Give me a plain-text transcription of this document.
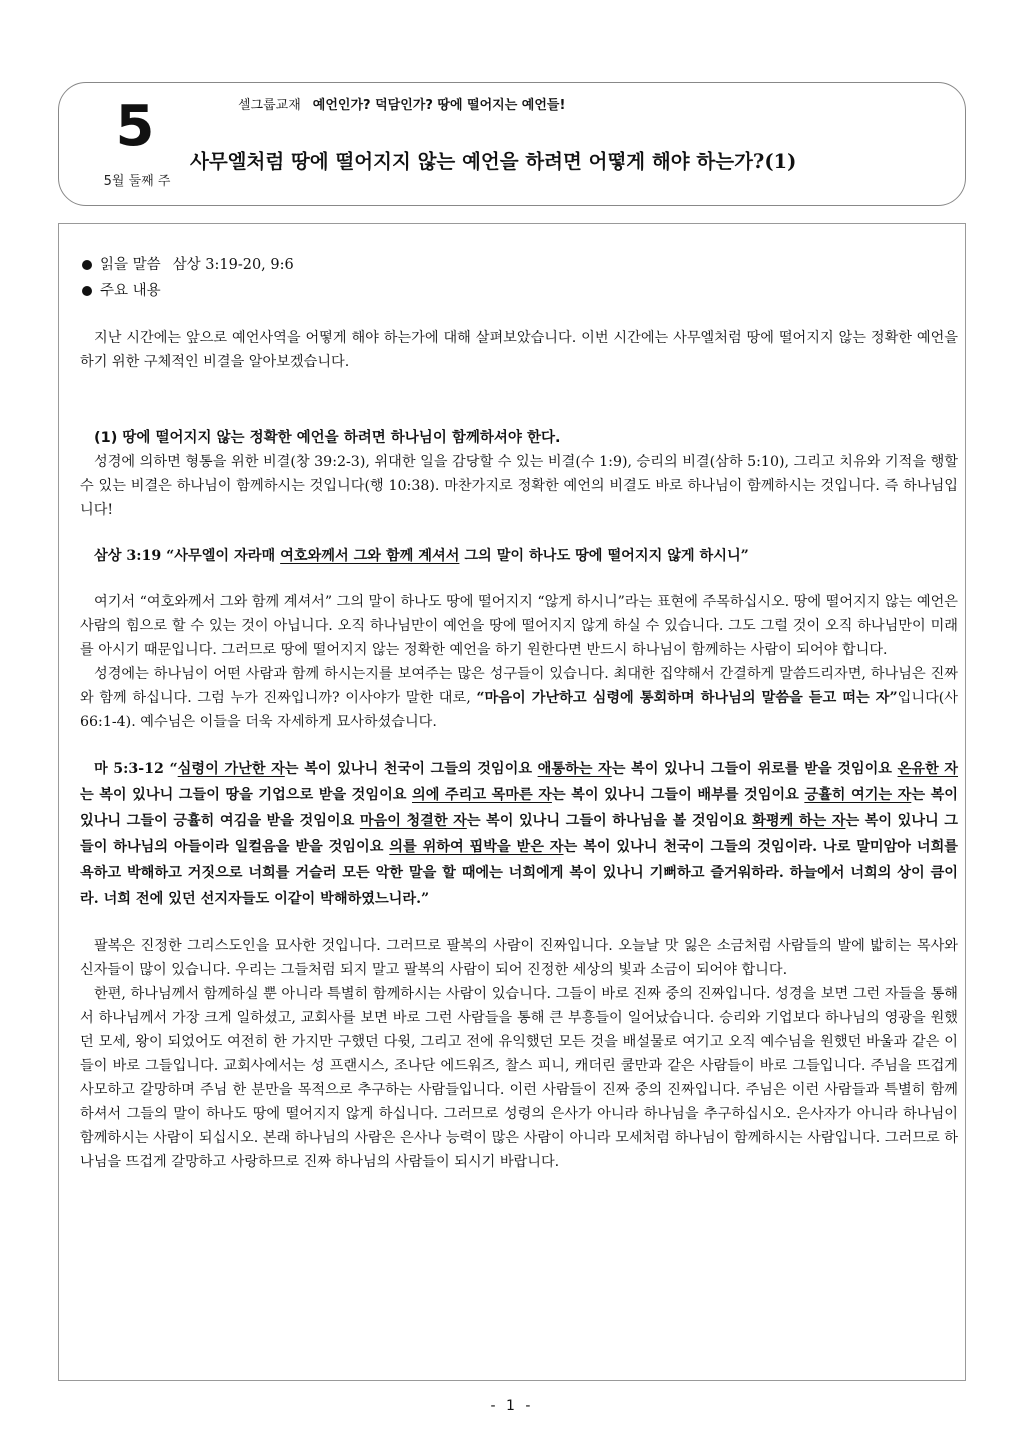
5
5월 둘째 주
셀그룹교재 예언인가? 덕담인가? 땅에 떨어지는 예언들!
사무엘처럼 땅에 떨어지지 않는 예언을 하려면 어떻게 해야 하는가?(1)
읽을 말씀 삼상 3:19-20, 9:6
주요 내용

지난 시간에는 앞으로 예언사역을 어떻게 해야 하는가에 대해 살펴보았습니다. 이번 시간에는 사무엘처럼 땅에 떨어지지 않는 정확한 예언을 하기 위한 구체적인 비결을 알아보겠습니다.

(1) 땅에 떨어지지 않는 정확한 예언을 하려면 하나님이 함께하셔야 한다.

성경에 의하면 형통을 위한 비결(창 39:2-3), 위대한 일을 감당할 수 있는 비결(수 1:9), 승리의 비결(삼하 5:10), 그리고 치유와 기적을 행할 수 있는 비결은 하나님이 함께하시는 것입니다(행 10:38). 마찬가지로 정확한 예언의 비결도 바로 하나님이 함께하시는 것입니다. 즉 하나님입니다!

삼상 3:19 “사무엘이 자라매 여호와께서 그와 함께 계셔서 그의 말이 하나도 땅에 떨어지지 않게 하시니”

여기서 “여호와께서 그와 함께 계셔서” 그의 말이 하나도 땅에 떨어지지 “않게 하시니”라는 표현에 주목하십시오. 땅에 떨어지지 않는 예언은 사람의 힘으로 할 수 있는 것이 아닙니다. 오직 하나님만이 예언을 땅에 떨어지지 않게 하실 수 있습니다. 그도 그럴 것이 오직 하나님만이 미래를 아시기 때문입니다. 그러므로 땅에 떨어지지 않는 정확한 예언을 하기 원한다면 반드시 하나님이 함께하는 사람이 되어야 합니다.

성경에는 하나님이 어떤 사람과 함께 하시는지를 보여주는 많은 성구들이 있습니다. 최대한 집약해서 간결하게 말씀드리자면, 하나님은 진짜와 함께 하십니다. 그럼 누가 진짜입니까? 이사야가 말한 대로, “마음이 가난하고 심령에 통회하며 하나님의 말씀을 듣고 떠는 자”입니다(사 66:1-4). 예수님은 이들을 더욱 자세하게 묘사하셨습니다.

마 5:3-12 “심령이 가난한 자는 복이 있나니 천국이 그들의 것임이요 애통하는 자는 복이 있나니 그들이 위로를 받을 것임이요 온유한 자는 복이 있나니 그들이 땅을 기업으로 받을 것임이요 의에 주리고 목마른 자는 복이 있나니 그들이 배부를 것임이요 긍휼히 여기는 자는 복이 있나니 그들이 긍휼히 여김을 받을 것임이요 마음이 청결한 자는 복이 있나니 그들이 하나님을 볼 것임이요 화평케 하는 자는 복이 있나니 그들이 하나님의 아들이라 일컬음을 받을 것임이요 의를 위하여 핍박을 받은 자는 복이 있나니 천국이 그들의 것임이라. 나로 말미암아 너희를 욕하고 박해하고 거짓으로 너희를 거슬러 모든 악한 말을 할 때에는 너희에게 복이 있나니 기뻐하고 즐거워하라. 하늘에서 너희의 상이 큼이라. 너희 전에 있던 선지자들도 이같이 박해하였느니라.”

팔복은 진정한 그리스도인을 묘사한 것입니다. 그러므로 팔복의 사람이 진짜입니다. 오늘날 맛 잃은 소금처럼 사람들의 발에 밟히는 목사와 신자들이 많이 있습니다. 우리는 그들처럼 되지 말고 팔복의 사람이 되어 진정한 세상의 빛과 소금이 되어야 합니다.

한편, 하나님께서 함께하실 뿐 아니라 특별히 함께하시는 사람이 있습니다. 그들이 바로 진짜 중의 진짜입니다. 성경을 보면 그런 자들을 통해서 하나님께서 가장 크게 일하셨고, 교회사를 보면 바로 그런 사람들을 통해 큰 부흥들이 일어났습니다. 승리와 기업보다 하나님의 영광을 원했던 모세, 왕이 되었어도 여전히 한 가지만 구했던 다윗, 그리고 전에 유익했던 모든 것을 배설물로 여기고 오직 예수님을 원했던 바울과 같은 이들이 바로 그들입니다. 교회사에서는 성 프랜시스, 조나단 에드워즈, 찰스 피니, 캐더린 쿨만과 같은 사람들이 바로 그들입니다. 주님을 뜨겁게 사모하고 갈망하며 주님 한 분만을 목적으로 추구하는 사람들입니다. 이런 사람들이 진짜 중의 진짜입니다. 주님은 이런 사람들과 특별히 함께하셔서 그들의 말이 하나도 땅에 떨어지지 않게 하십니다. 그러므로 성령의 은사가 아니라 하나님을 추구하십시오. 은사자가 아니라 하나님이 함께하시는 사람이 되십시오. 본래 하나님의 사람은 은사나 능력이 많은 사람이 아니라 모세처럼 하나님이 함께하시는 사람입니다. 그러므로 하나님을 뜨겁게 갈망하고 사랑하므로 진짜 하나님의 사람들이 되시기 바랍니다.

- 1 -
